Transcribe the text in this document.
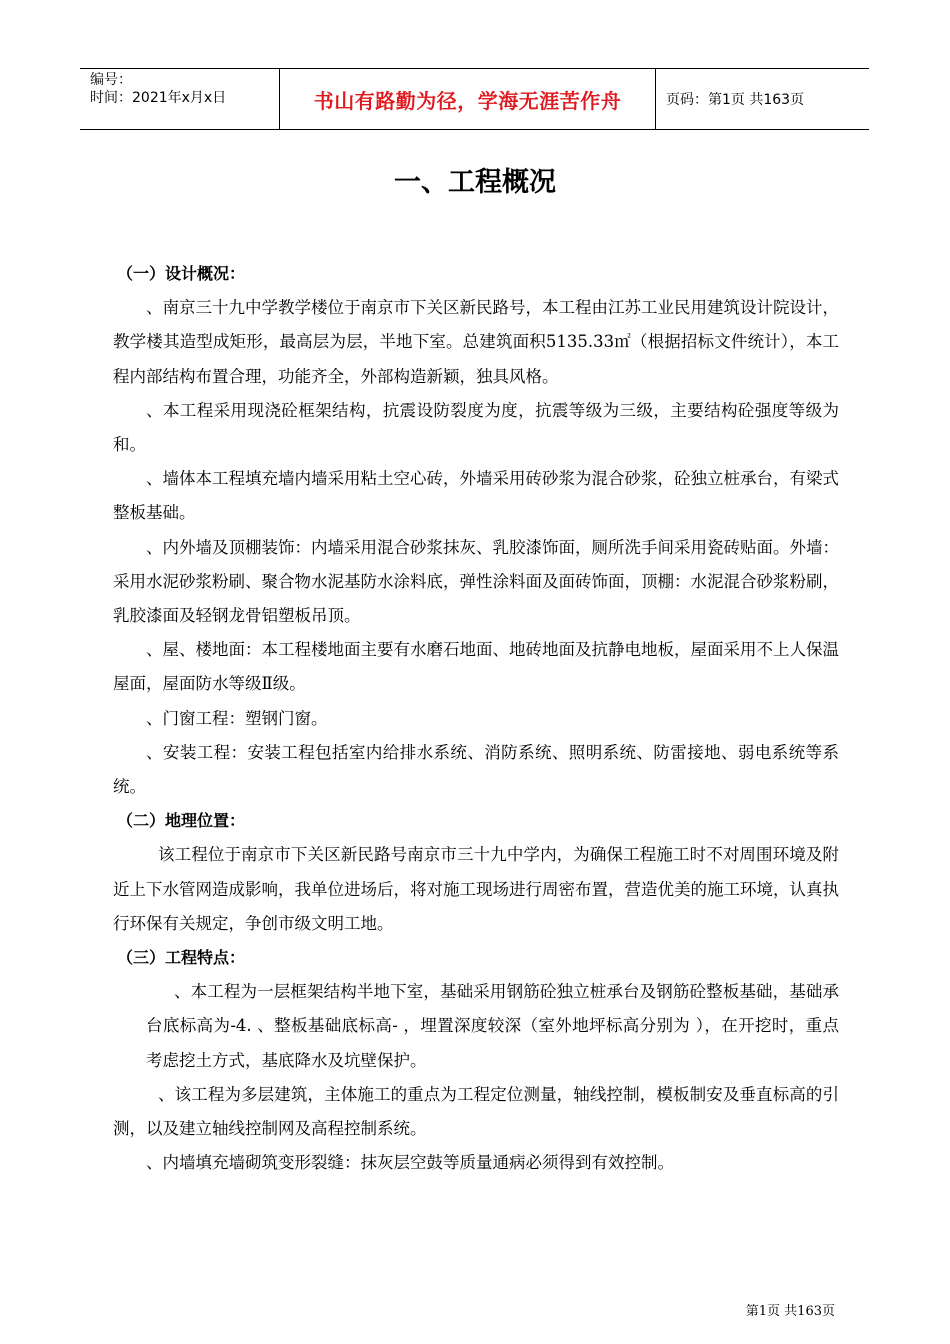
编号：
时间：2021年x月x日	书山有路勤为径，学海无涯苦作舟	页码：第1页 共163页
一、工程概况

（一）设计概况：

、南京三十九中学教学楼位于南京市下关区新民路号，本工程由江苏工业民用建筑设计院设计，教学楼其造型成矩形，最高层为层，半地下室。总建筑面积5135.33㎡（根据招标文件统计），本工程内部结构布置合理，功能齐全，外部构造新颖，独具风格。

、本工程采用现浇砼框架结构，抗震设防裂度为度，抗震等级为三级，主要结构砼强度等级为和。

、墙体本工程填充墙内墙采用粘土空心砖，外墙采用砖砂浆为混合砂浆，砼独立桩承台，有梁式整板基础。

、内外墙及顶棚装饰：内墙采用混合砂浆抹灰、乳胶漆饰面，厕所洗手间采用瓷砖贴面。外墙：采用水泥砂浆粉刷、聚合物水泥基防水涂料底，弹性涂料面及面砖饰面，顶棚：水泥混合砂浆粉刷，乳胶漆面及轻钢龙骨铝塑板吊顶。

、屋、楼地面：本工程楼地面主要有水磨石地面、地砖地面及抗静电地板，屋面采用不上人保温屋面，屋面防水等级Ⅱ级。

、门窗工程：塑钢门窗。

、安装工程：安装工程包括室内给排水系统、消防系统、照明系统、防雷接地、弱电系统等系统。

（二）地理位置：

该工程位于南京市下关区新民路号南京市三十九中学内，为确保工程施工时不对周围环境及附近上下水管网造成影响，我单位进场后，将对施工现场进行周密布置，营造优美的施工环境，认真执行环保有关规定，争创市级文明工地。

（三）工程特点：

、本工程为一层框架结构半地下室，基础采用钢筋砼独立桩承台及钢筋砼整板基础，基础承台底标高为-4. 、整板基础底标高- ，埋置深度较深（室外地坪标高分别为 ），在开挖时，重点考虑挖土方式，基底降水及坑壁保护。

、该工程为多层建筑，主体施工的重点为工程定位测量，轴线控制，模板制安及垂直标高的引测，以及建立轴线控制网及高程控制系统。

、内墙填充墙砌筑变形裂缝：抹灰层空鼓等质量通病必须得到有效控制。

第1页 共163页
